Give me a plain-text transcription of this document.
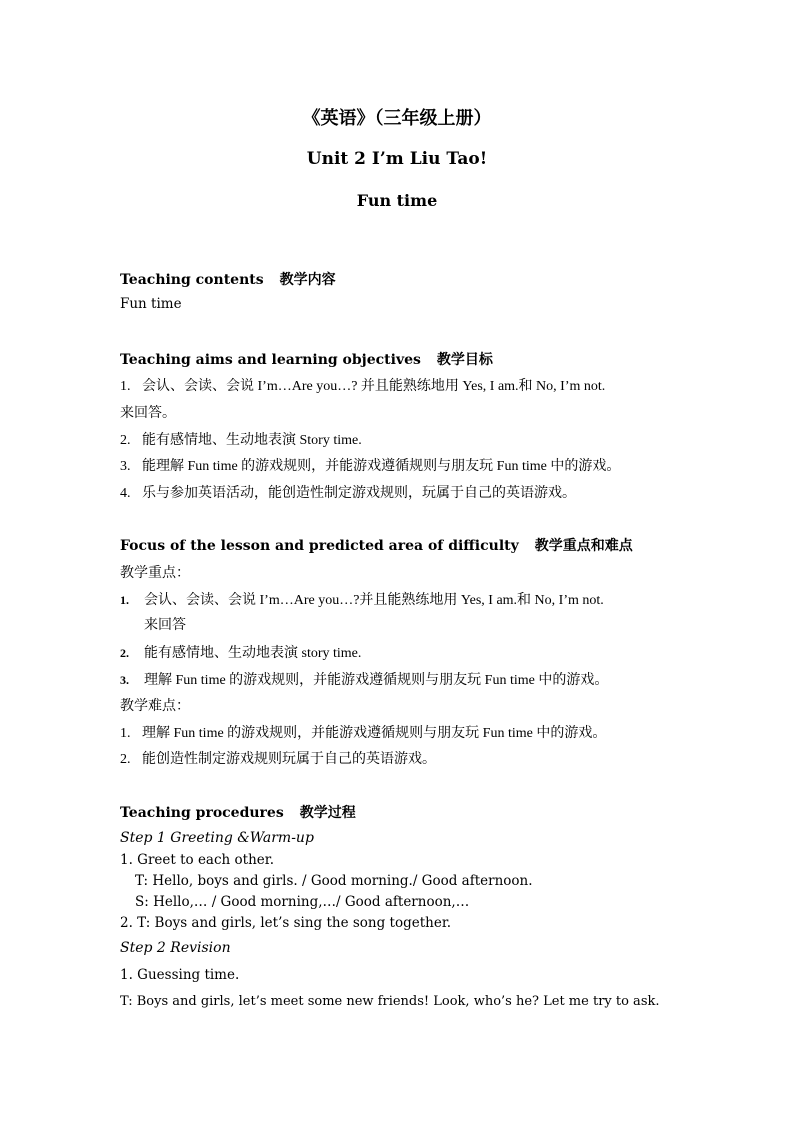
《英语》（三年级上册）
Unit 2 I’m Liu Tao!
Fun time
Teaching contents 教学内容
Fun time
Teaching aims and learning objectives 教学目标
1. 会认、会读、会说 I’m…Are you…? 并且能熟练地用 Yes, I am.和 No, I’m not.
来回答。
2. 能有感情地、生动地表演 Story time.
3. 能理解 Fun time 的游戏规则，并能游戏遵循规则与朋友玩 Fun time 中的游戏。
4. 乐与参加英语活动，能创造性制定游戏规则，玩属于自己的英语游戏。
Focus of the lesson and predicted area of difficulty 教学重点和难点
教学重点：
1. 会认、会读、会说 I’m…Are you…?并且能熟练地用 Yes, I am.和 No, I’m not.
来回答
2. 能有感情地、生动地表演 story time.
3. 理解 Fun time 的游戏规则，并能游戏遵循规则与朋友玩 Fun time 中的游戏。
教学难点：
1. 理解 Fun time 的游戏规则，并能游戏遵循规则与朋友玩 Fun time 中的游戏。
2. 能创造性制定游戏规则玩属于自己的英语游戏。
Teaching procedures 教学过程
Step 1 Greeting &Warm-up
1. Greet to each other.
T: Hello, boys and girls. / Good morning./ Good afternoon.
S: Hello,… / Good morning,…/ Good afternoon,…
2. T: Boys and girls, let’s sing the song together.
Step 2 Revision
1. Guessing time.
T: Boys and girls, let’s meet some new friends! Look, who’s he? Let me try to ask.
